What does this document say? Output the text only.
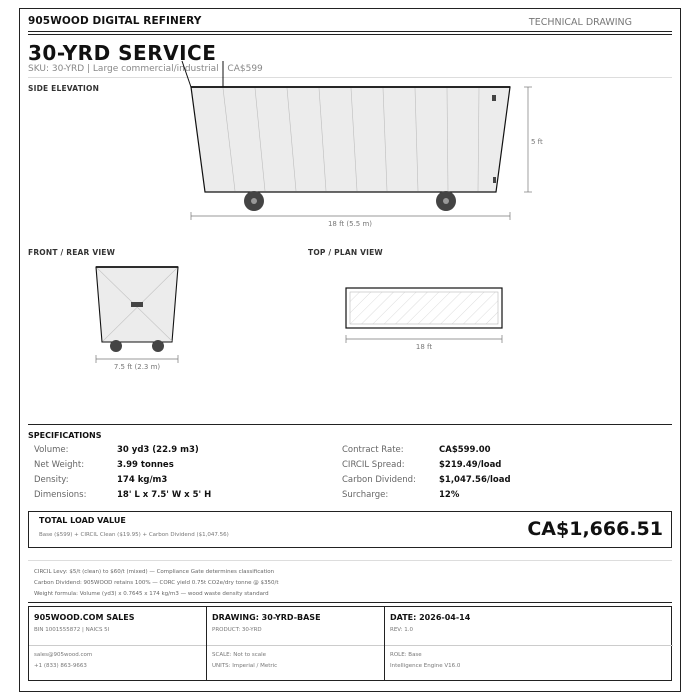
905WOOD DIGITAL REFINERY	TECHNICAL DRAWING
30-YRD SERVICE
SKU: 30-YRD | Large commercial/industrial | CA$599
SIDE ELEVATION
18 ft (5.5 m)
5 ft
FRONT / REAR VIEW
7.5 ft (2.3 m)
TOP / PLAN VIEW
18 ft
SPECIFICATIONS
Volume:	30 yd3 (22.9 m3)
Net Weight:	3.99 tonnes
Density:	174 kg/m3
Dimensions:	18' L x 7.5' W x 5' H
Contract Rate:	CA$599.00
CIRCIL Spread:	$219.49/load
Carbon Dividend:	$1,047.56/load
Surcharge:	12%
TOTAL LOAD VALUE
Base ($599) + CIRCIL Clean ($19.95) + Carbon Dividend ($1,047.56)	CA$1,666.51
CIRCIL Levy: $5/t (clean) to $60/t (mixed) — Compliance Gate determines classification
Carbon Dividend: 905WOOD retains 100% — CORC yield 0.75t CO2e/dry tonne @ $350/t
Weight formula: Volume (yd3) x 0.7645 x 174 kg/m3 — wood waste density standard
905WOOD.COM SALES
BIN 1001555872 | NAICS 5I
sales@905wood.com
+1 (833) 863-9663
DRAWING: 30-YRD-BASE
PRODUCT: 30-YRD
SCALE: Not to scale
UNITS: Imperial / Metric
DATE: 2026-04-14
REV: 1.0
ROLE: Base
Intelligence Engine V16.0
